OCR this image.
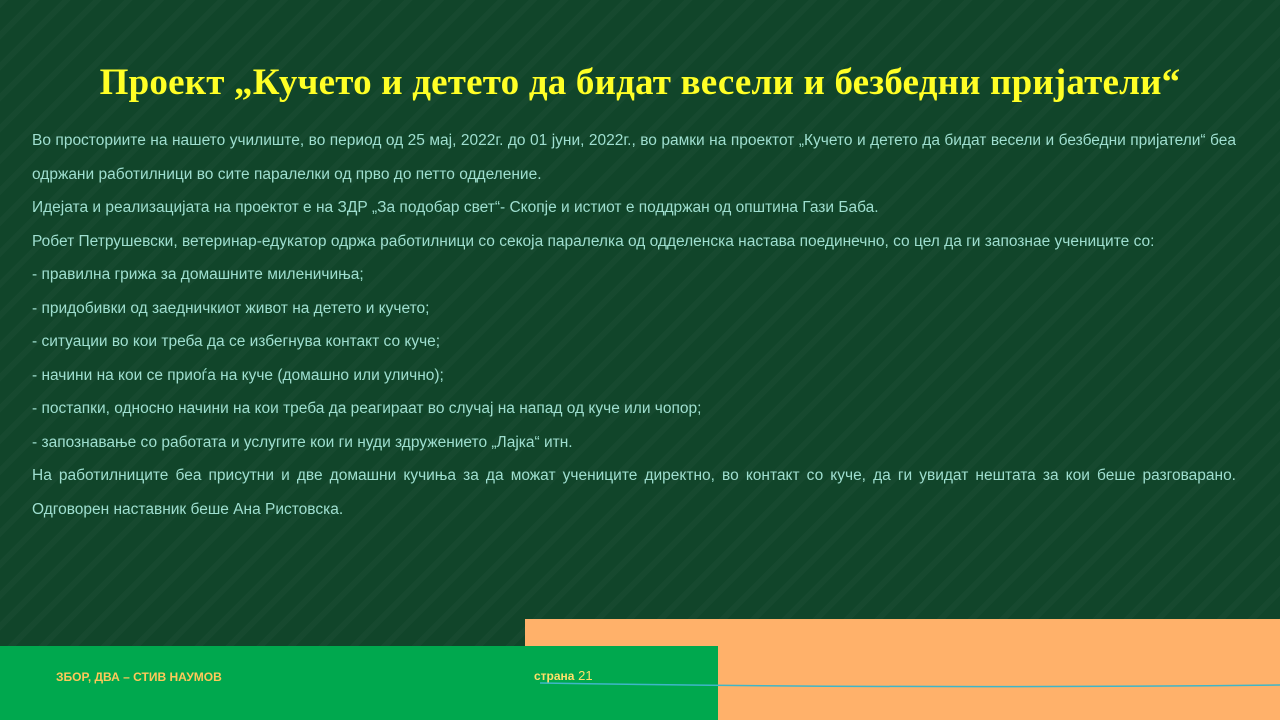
Проект „Кучето и детето да бидат весели и безбедни пријатели“

Во просториите на нашето училиште, во период од 25 мај, 2022г. до 01 јуни, 2022г., во рамки на проектот „Кучето и детето да бидат весели и безбедни пријатели“ беа одржани работилници во сите паралелки од прво до петто одделение.

Идејата и реализацијата на проектот е на ЗДР „За подобар свет“- Скопје и истиот е поддржан од општина Гази Баба.

Робет Петрушевски, ветеринар-едукатор одржа работилници со секоја паралелка од одделенска настава поединечно, со цел да ги запознае учениците со:

- правилна грижа за домашните миленичиња;

- придобивки од заедничкиот живот на детето и кучето;

- ситуации во кои треба да се избегнува контакт со куче;

- начини на кои се приоѓа на куче (домашно или улично);

- постапки, односно начини на кои треба да реагираат во случај на напад од куче или чопор;

- запознавање со работата и услугите кои ги нуди здружението „Лајка“ итн.

На работилниците беа присутни и две домашни кучиња за да можат учениците директно, во контакт со куче, да ги увидат нештата за кои беше разговарано. Одговорен наставник беше Ана Ристовска.

ЗБОР, ДВА – СТИВ НАУМОВ	страна 21
